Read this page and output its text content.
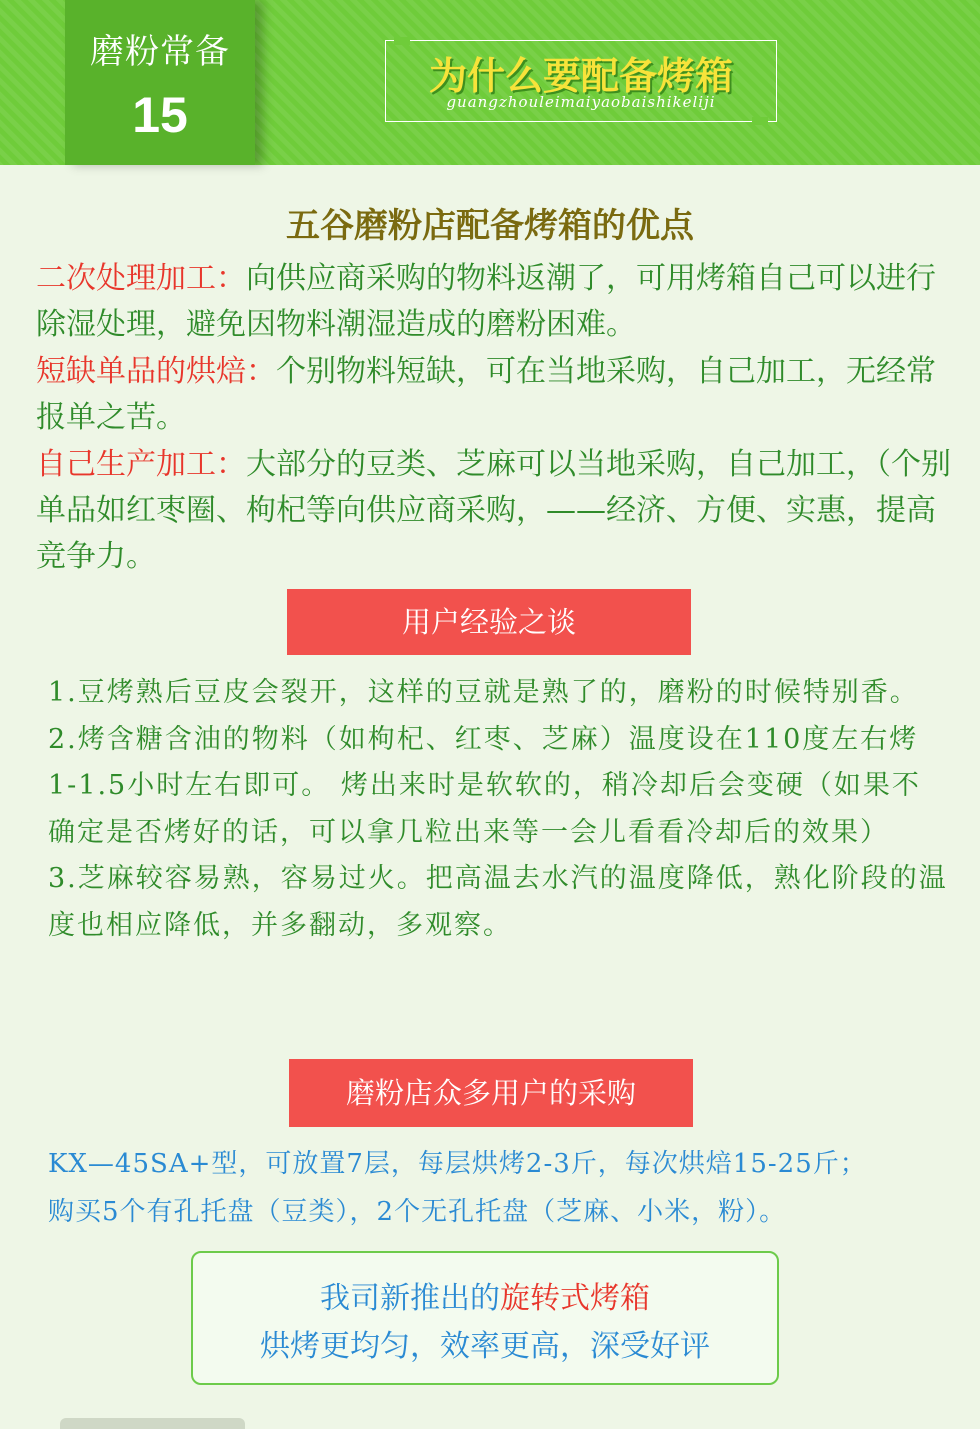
磨粉常备
15
为什么要配备烤箱
guangzhouleimaiyaobaishikeliji
五谷磨粉店配备烤箱的优点
二次处理加工：向供应商采购的物料返潮了，可用烤箱自己可以进行除湿处理，避免因物料潮湿造成的磨粉困难。
短缺单品的烘焙：个别物料短缺，可在当地采购，自己加工，无经常报单之苦。
自己生产加工：大部分的豆类、芝麻可以当地采购，自己加工，（个别单品如红枣圈、枸杞等向供应商采购，——经济、方便、实惠，提高竞争力。
用户经验之谈
1.豆烤熟后豆皮会裂开，这样的豆就是熟了的，磨粉的时候特别香。
2.烤含糖含油的物料（如枸杞、红枣、芝麻）温度设在110度左右烤1-1.5小时左右即可。 烤出来时是软软的，稍冷却后会变硬（如果不确定是否烤好的话，可以拿几粒出来等一会儿看看冷却后的效果）
3.芝麻较容易熟，容易过火。把高温去水汽的温度降低，熟化阶段的温度也相应降低，并多翻动，多观察。
磨粉店众多用户的采购
KX—45SA+型，可放置7层，每层烘烤2-3斤，每次烘焙15-25斤；
购买5个有孔托盘（豆类），2个无孔托盘（芝麻、小米，粉）。
我司新推出的旋转式烤箱
烘烤更均匀，效率更高，深受好评
